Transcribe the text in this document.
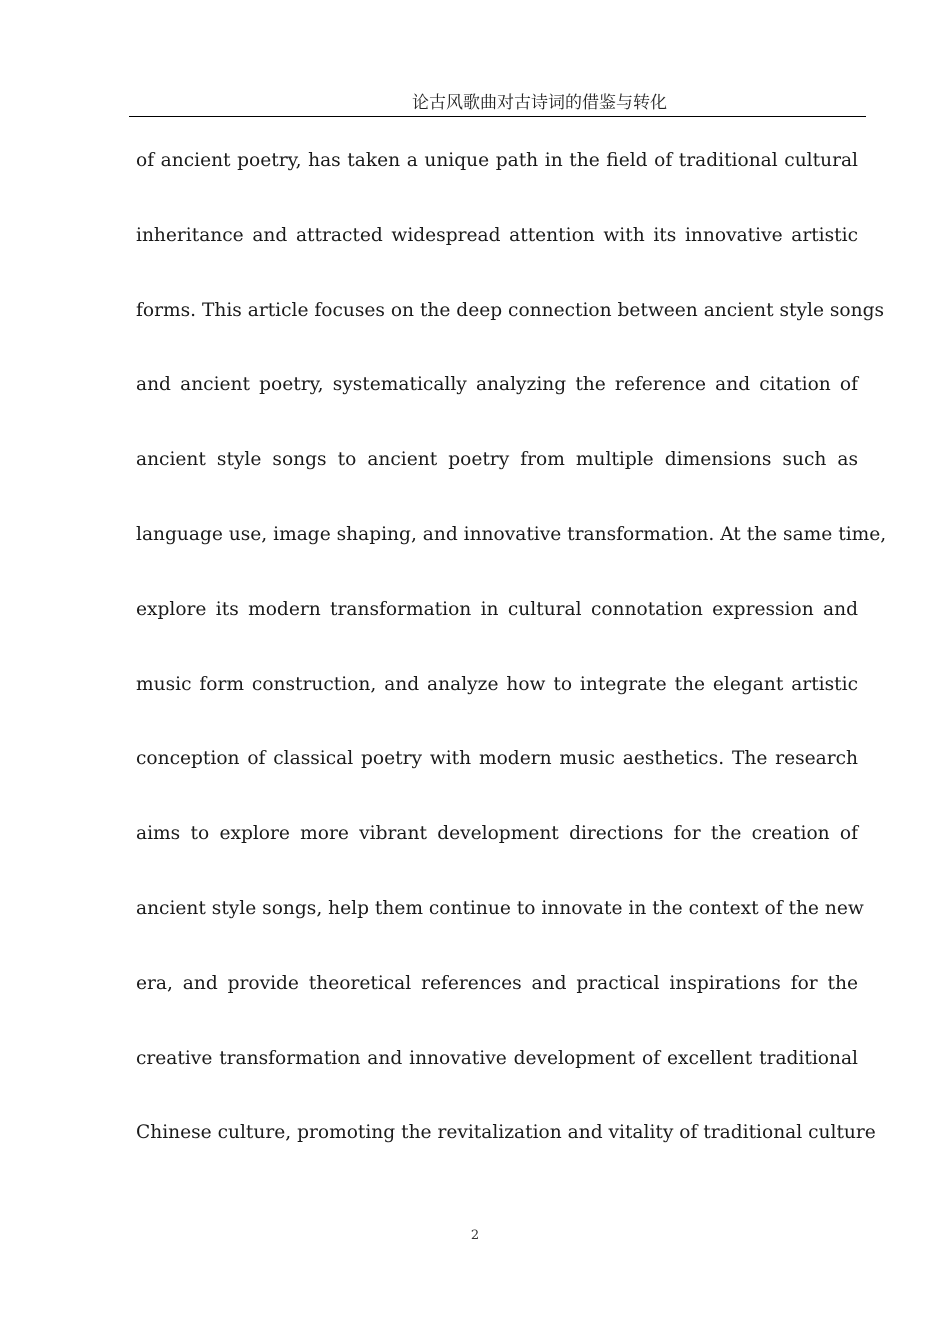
论古风歌曲对古诗词的借鉴与转化
of ancient poetry, has taken a unique path in the field of traditional cultural
inheritance and attracted widespread attention with its innovative artistic
forms. This article focuses on the deep connection between ancient style songs
and ancient poetry, systematically analyzing the reference and citation of
ancient style songs to ancient poetry from multiple dimensions such as
language use, image shaping, and innovative transformation. At the same time,
explore its modern transformation in cultural connotation expression and
music form construction, and analyze how to integrate the elegant artistic
conception of classical poetry with modern music aesthetics. The research
aims to explore more vibrant development directions for the creation of
ancient style songs, help them continue to innovate in the context of the new
era, and provide theoretical references and practical inspirations for the
creative transformation and innovative development of excellent traditional
Chinese culture, promoting the revitalization and vitality of traditional culture
2
